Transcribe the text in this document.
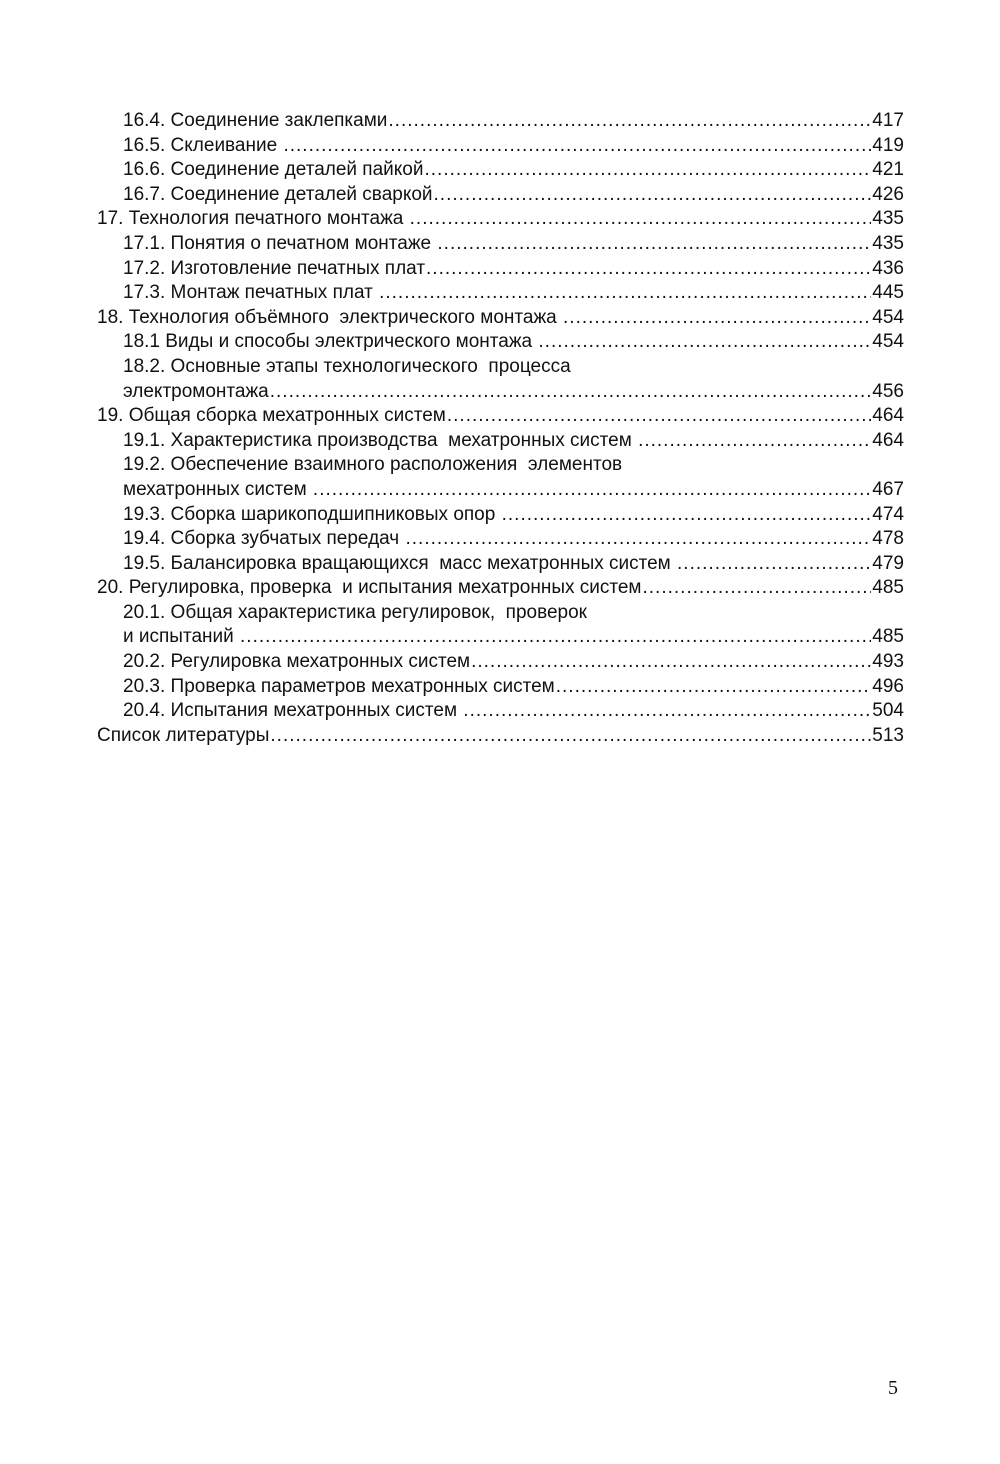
16.4. Соединение заклепками .....	417
16.5. Склеивание .....	419
16.6. Соединение деталей пайкой .....	421
16.7. Соединение деталей сваркой .....	426
17. Технология печатного монтажа .....	435
17.1. Понятия о печатном монтаже .....	435
17.2. Изготовление печатных плат .....	436
17.3. Монтаж печатных плат .....	445
18. Технология объёмного  электрического монтажа .....	454
18.1 Виды и способы электрического монтажа .....	454
18.2. Основные этапы технологического  процесса
электромонтажа .....	456
19. Общая сборка мехатронных систем .....	464
19.1. Характеристика производства  мехатронных систем .....	464
19.2. Обеспечение взаимного расположения  элементов
мехатронных систем .....	467
19.3. Сборка шарикоподшипниковых опор .....	474
19.4. Сборка зубчатых передач .....	478
19.5. Балансировка вращающихся  масс мехатронных систем .....	479
20. Регулировка, проверка  и испытания мехатронных систем .....	485
20.1. Общая характеристика регулировок,  проверок
и испытаний .....	485
20.2. Регулировка мехатронных систем .....	493
20.3. Проверка параметров мехатронных систем .....	496
20.4. Испытания мехатронных систем .....	504
Список литературы .....	513
5
